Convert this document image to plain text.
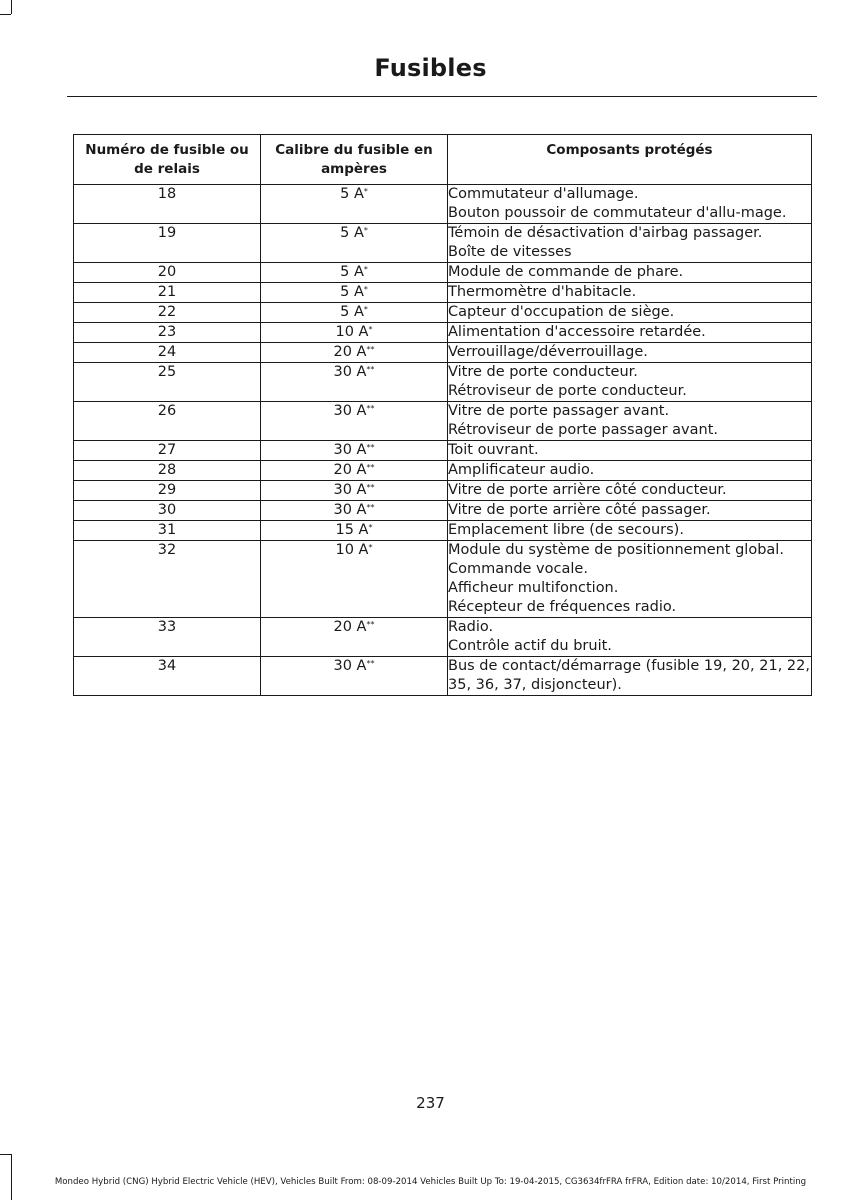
Fusibles
Numéro de fusible ou de relais	Calibre du fusible en ampères	Composants protégés
18	5 A*	Commutateur d'allumage.
Bouton poussoir de commutateur d'allu-mage.

19	5 A*	Témoin de désactivation d'airbag passager.
Boîte de vitesses

20	5 A*	Module de commande de phare.

21	5 A*	Thermomètre d'habitacle.

22	5 A*	Capteur d'occupation de siège.

23	10 A*	Alimentation d'accessoire retardée.

24	20 A**	Verrouillage/déverrouillage.

25	30 A**	Vitre de porte conducteur.
Rétroviseur de porte conducteur.

26	30 A**	Vitre de porte passager avant.
Rétroviseur de porte passager avant.

27	30 A**	Toit ouvrant.

28	20 A**	Amplificateur audio.

29	30 A**	Vitre de porte arrière côté conducteur.

30	30 A**	Vitre de porte arrière côté passager.

31	15 A*	Emplacement libre (de secours).

32	10 A*	Module du système de positionnement global.
Commande vocale.
Afficheur multifonction.
Récepteur de fréquences radio.

33	20 A**	Radio.
Contrôle actif du bruit.

34	30 A**	Bus de contact/démarrage (fusible 19, 20, 21, 22, 35, 36, 37, disjoncteur).
237
Mondeo Hybrid (CNG) Hybrid Electric Vehicle (HEV), Vehicles Built From: 08-09-2014 Vehicles Built Up To: 19-04-2015, CG3634frFRA frFRA, Edition date: 10/2014, First Printing
